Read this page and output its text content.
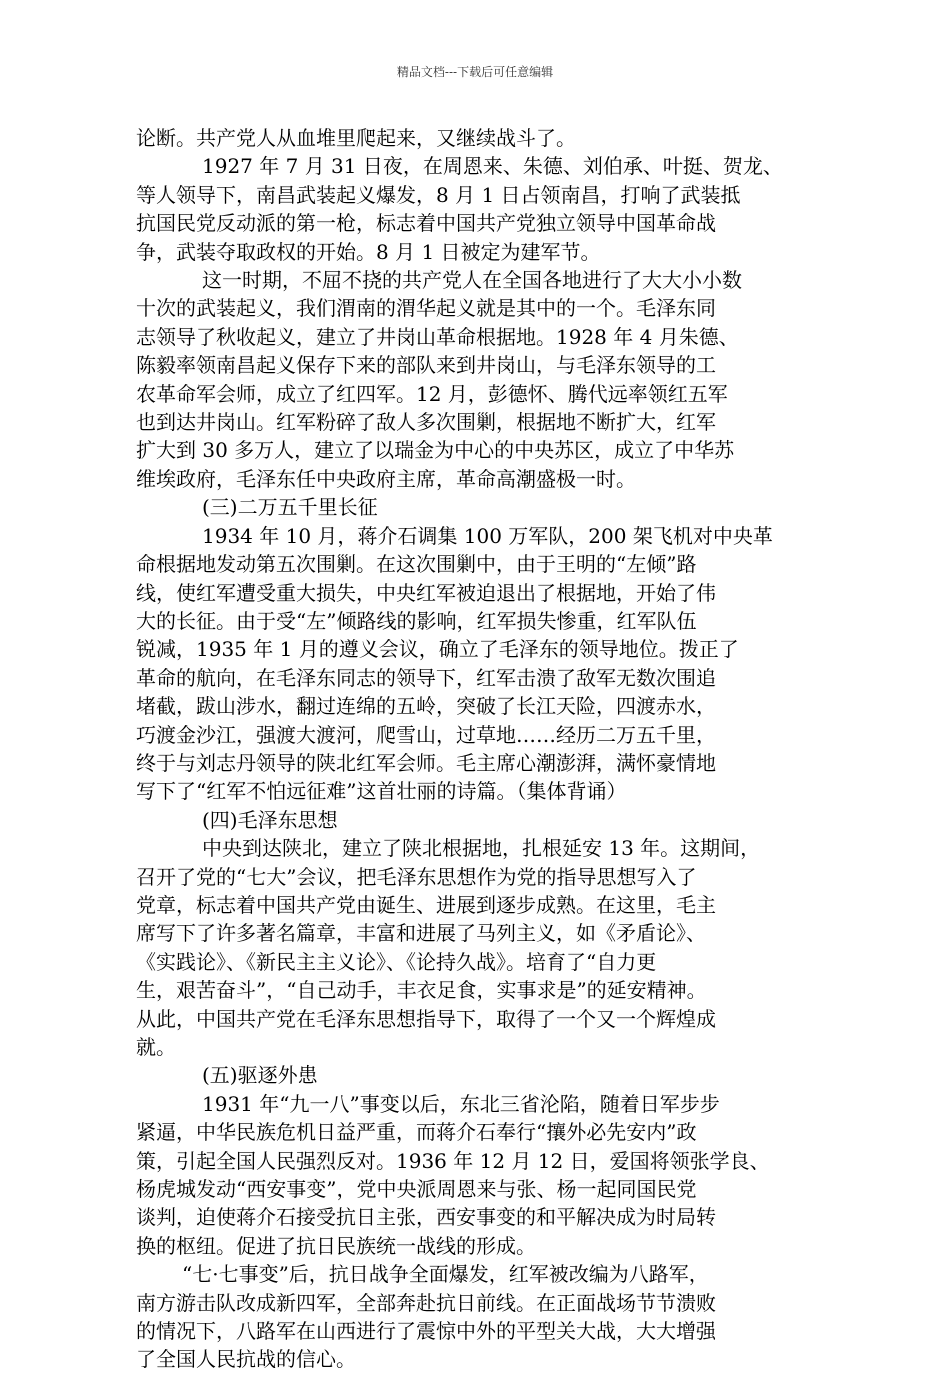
精品文档---下载后可任意编辑

论断。共产党人从血堆里爬起来，又继续战斗了。

1927 年 7 月 31 日夜，在周恩来、朱德、刘伯承、叶挺、贺龙、
等人领导下，南昌武装起义爆发，8 月 1 日占领南昌，打响了武装抵
抗国民党反动派的第一枪，标志着中国共产党独立领导中国革命战
争，武装夺取政权的开始。8 月 1 日被定为建军节。

这一时期，不屈不挠的共产党人在全国各地进行了大大小小数
十次的武装起义，我们渭南的渭华起义就是其中的一个。毛泽东同
志领导了秋收起义，建立了井岗山革命根据地。1928 年 4 月朱德、
陈毅率领南昌起义保存下来的部队来到井岗山，与毛泽东领导的工
农革命军会师，成立了红四军。12 月，彭德怀、腾代远率领红五军
也到达井岗山。红军粉碎了敌人多次围剿，根据地不断扩大，红军
扩大到 30 多万人，建立了以瑞金为中心的中央苏区，成立了中华苏
维埃政府，毛泽东任中央政府主席，革命高潮盛极一时。

(三)二万五千里长征

1934 年 10 月，蒋介石调集 100 万军队，200 架飞机对中央革
命根据地发动第五次围剿。在这次围剿中，由于王明的“左倾”路
线，使红军遭受重大损失，中央红军被迫退出了根据地，开始了伟
大的长征。由于受“左”倾路线的影响，红军损失惨重，红军队伍
锐减，1935 年 1 月的遵义会议，确立了毛泽东的领导地位。拨正了
革命的航向，在毛泽东同志的领导下，红军击溃了敌军无数次围追
堵截，跋山涉水，翻过连绵的五岭，突破了长江天险，四渡赤水，
巧渡金沙江，强渡大渡河，爬雪山，过草地……经历二万五千里，
终于与刘志丹领导的陕北红军会师。毛主席心潮澎湃，满怀豪情地
写下了“红军不怕远征难”这首壮丽的诗篇。（集体背诵）

(四)毛泽东思想

中央到达陕北，建立了陕北根据地，扎根延安 13 年。这期间，
召开了党的“七大”会议，把毛泽东思想作为党的指导思想写入了
党章，标志着中国共产党由诞生、进展到逐步成熟。在这里，毛主
席写下了许多著名篇章，丰富和进展了马列主义，如《矛盾论》、
《实践论》、《新民主主义论》、《论持久战》。培育了“自力更
生，艰苦奋斗”，“自己动手，丰衣足食，实事求是”的延安精神。
从此，中国共产党在毛泽东思想指导下，取得了一个又一个辉煌成
就。

(五)驱逐外患

1931 年“九一八”事变以后，东北三省沦陷，随着日军步步
紧逼，中华民族危机日益严重，而蒋介石奉行“攘外必先安内”政
策，引起全国人民强烈反对。1936 年 12 月 12 日，爱国将领张学良、
杨虎城发动“西安事变”，党中央派周恩来与张、杨一起同国民党
谈判，迫使蒋介石接受抗日主张，西安事变的和平解决成为时局转
换的枢纽。促进了抗日民族统一战线的形成。

“七·七事变”后，抗日战争全面爆发，红军被改编为八路军，
南方游击队改成新四军，全部奔赴抗日前线。在正面战场节节溃败
的情况下，八路军在山西进行了震惊中外的平型关大战，大大增强
了全国人民抗战的信心。
